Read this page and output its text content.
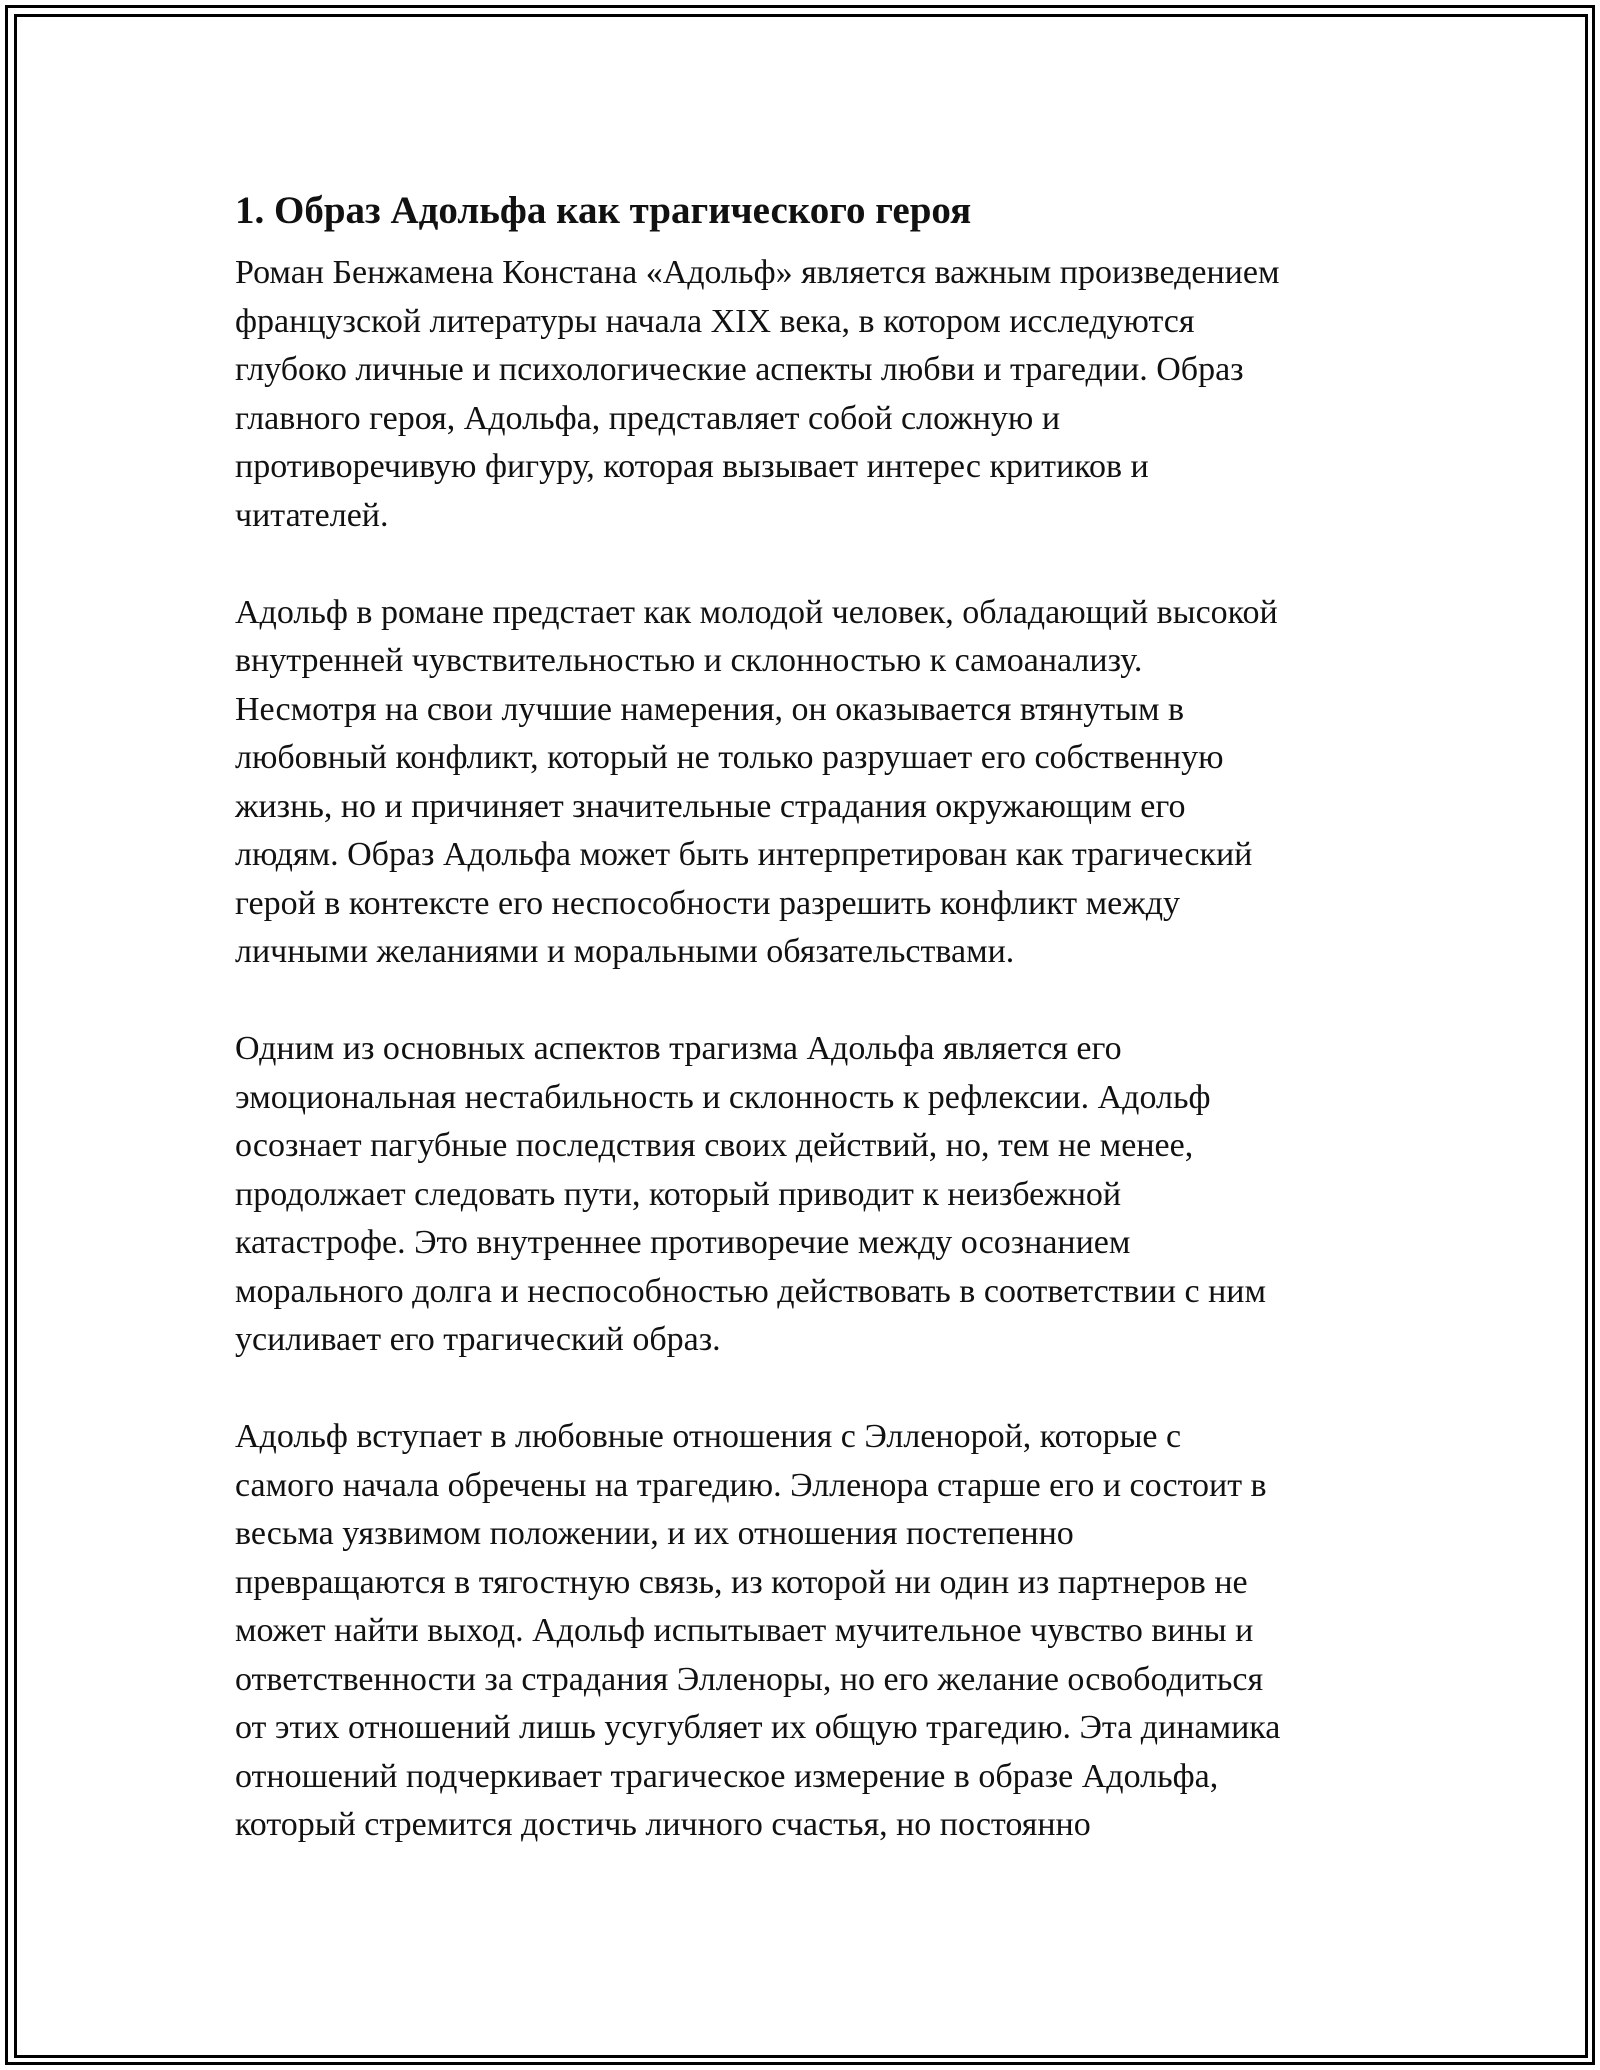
1. Образ Адольфа как трагического героя

Роман Бенжамена Констана «Адольф» является важным произведением
французской литературы начала XIX века, в котором исследуются
глубоко личные и психологические аспекты любви и трагедии. Образ
главного героя, Адольфа, представляет собой сложную и
противоречивую фигуру, которая вызывает интерес критиков и
читателей.

Адольф в романе предстает как молодой человек, обладающий высокой
внутренней чувствительностью и склонностью к самоанализу.
Несмотря на свои лучшие намерения, он оказывается втянутым в
любовный конфликт, который не только разрушает его собственную
жизнь, но и причиняет значительные страдания окружающим его
людям. Образ Адольфа может быть интерпретирован как трагический
герой в контексте его неспособности разрешить конфликт между
личными желаниями и моральными обязательствами.

Одним из основных аспектов трагизма Адольфа является его
эмоциональная нестабильность и склонность к рефлексии. Адольф
осознает пагубные последствия своих действий, но, тем не менее,
продолжает следовать пути, который приводит к неизбежной
катастрофе. Это внутреннее противоречие между осознанием
морального долга и неспособностью действовать в соответствии с ним
усиливает его трагический образ.

Адольф вступает в любовные отношения с Элленорой, которые с
самого начала обречены на трагедию. Элленора старше его и состоит в
весьма уязвимом положении, и их отношения постепенно
превращаются в тягостную связь, из которой ни один из партнеров не
может найти выход. Адольф испытывает мучительное чувство вины и
ответственности за страдания Элленоры, но его желание освободиться
от этих отношений лишь усугубляет их общую трагедию. Эта динамика
отношений подчеркивает трагическое измерение в образе Адольфа,
который стремится достичь личного счастья, но постоянно
